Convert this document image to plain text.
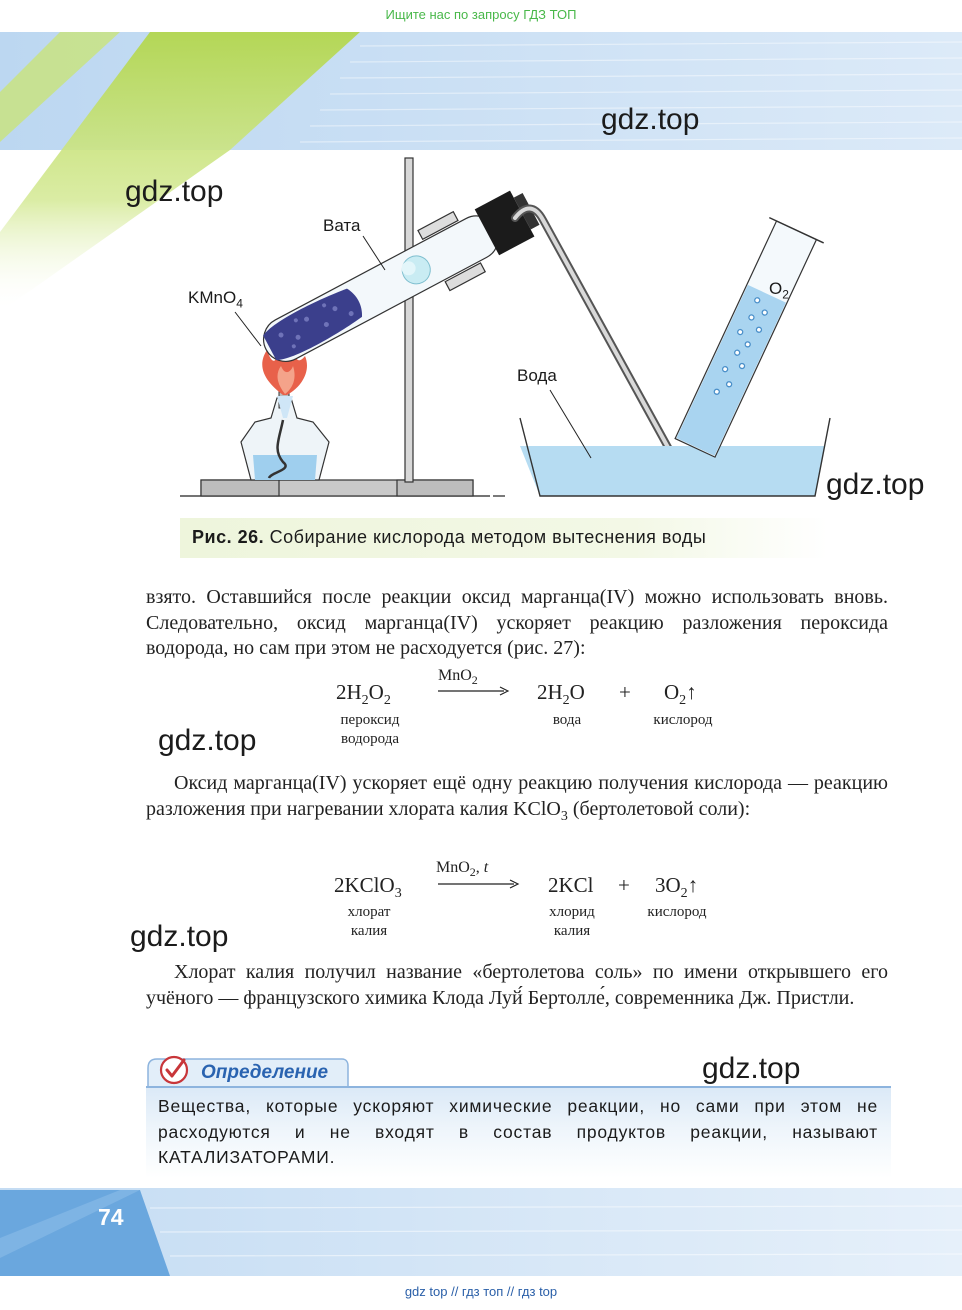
Ищите нас по запросу ГДЗ ТОП
gdz.top
gdz.top
gdz.top
gdz.top
gdz.top
gdz.top
Вата
KMnO$_4$
Вода
$O_2$
Рис. 26. Собирание кислорода методом вытеснения воды
взято. Оставшийся после реакции оксид марганца(IV) можно использовать вновь. Следовательно, оксид марганца(IV) ускоряет реакцию разложения пероксида водорода, но сам при этом не расходуется (рис. 27):
$2H_2O_2$
пероксид
водорода
MnO$_2$	$2H_2O$
вода
+ $O_2↑$
кислород
Оксид марганца(IV) ускоряет ещё одну реакцию получения кислорода — реакцию разложения при нагревании хлората калия KClO$_3$ (бертолетовой соли):
2KClO$_3$
хлорат
калия
MnO$_2$, t
2KCl
хлорид
калия
+ $3O_2↑$
кислород
Хлорат калия получил название «бертолетова соль» по имени открывшего его учёного — французского химика Клода Луй́ Бертолле́, современника Дж. Пристли.
Определение
Вещества, которые ускоряют химические реакции, но сами при этом не расходуются и не входят в состав продуктов реакции, называют КАТАЛИЗАТОРАМИ.
74
gdz top // гдз топ // гдз top
